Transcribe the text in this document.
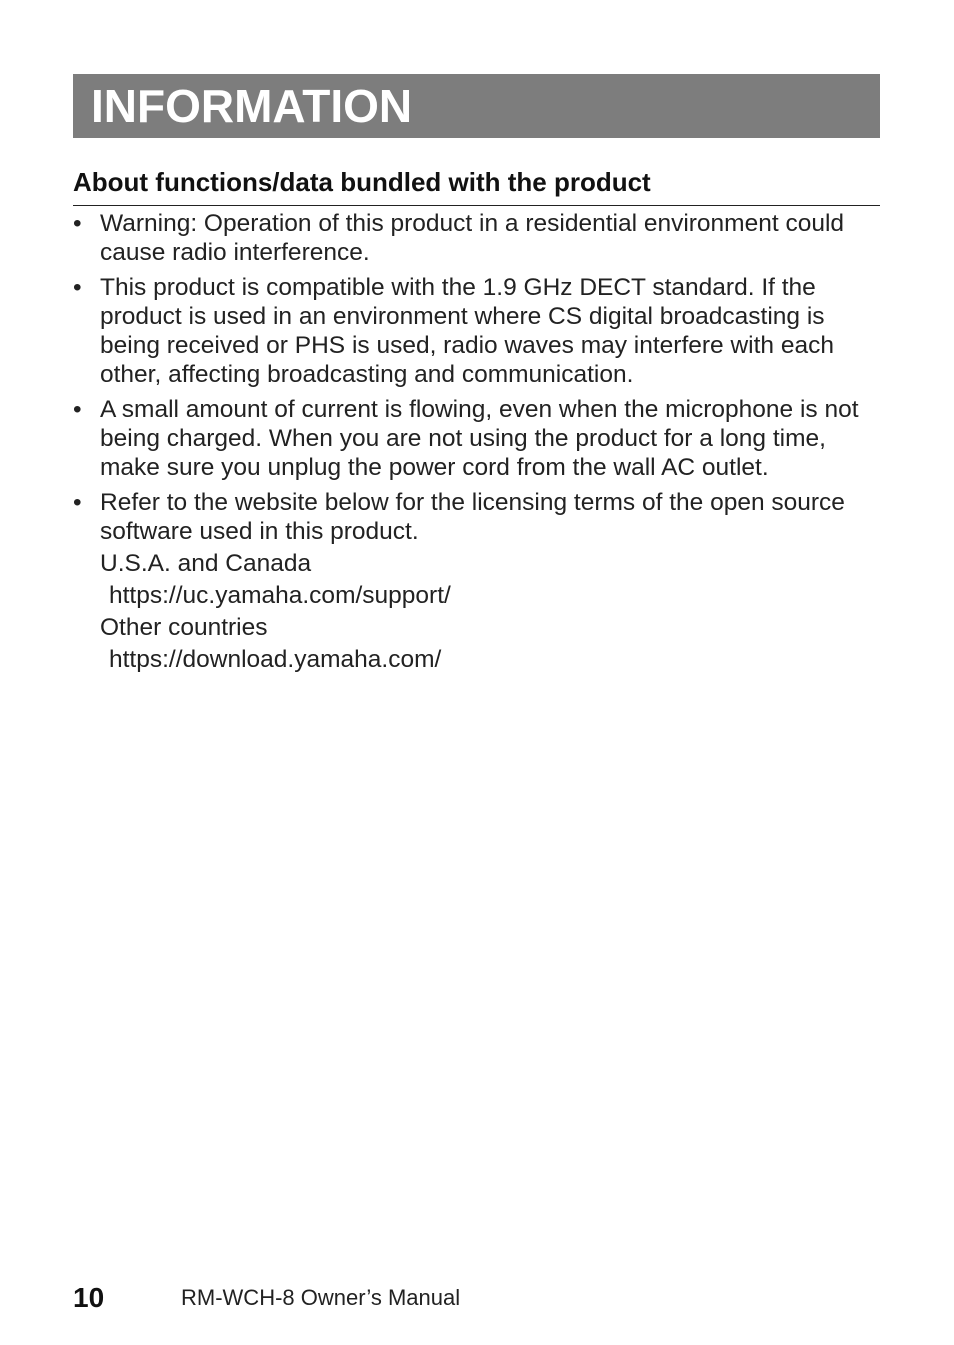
INFORMATION
About functions/data bundled with the product
• Warning: Operation of this product in a residential environment could cause radio interference.
• This product is compatible with the 1.9 GHz DECT standard. If the product is used in an environment where CS digital broadcasting is being received or PHS is used, radio waves may interfere with each other, affecting broadcasting and communication.
• A small amount of current is flowing, even when the microphone is not being charged. When you are not using the product for a long time, make sure you unplug the power cord from the wall AC outlet.
• Refer to the website below for the licensing terms of the open source software used in this product.
U.S.A. and Canada
https://uc.yamaha.com/support/
Other countries
https://download.yamaha.com/
10	RM-WCH-8 Owner’s Manual
